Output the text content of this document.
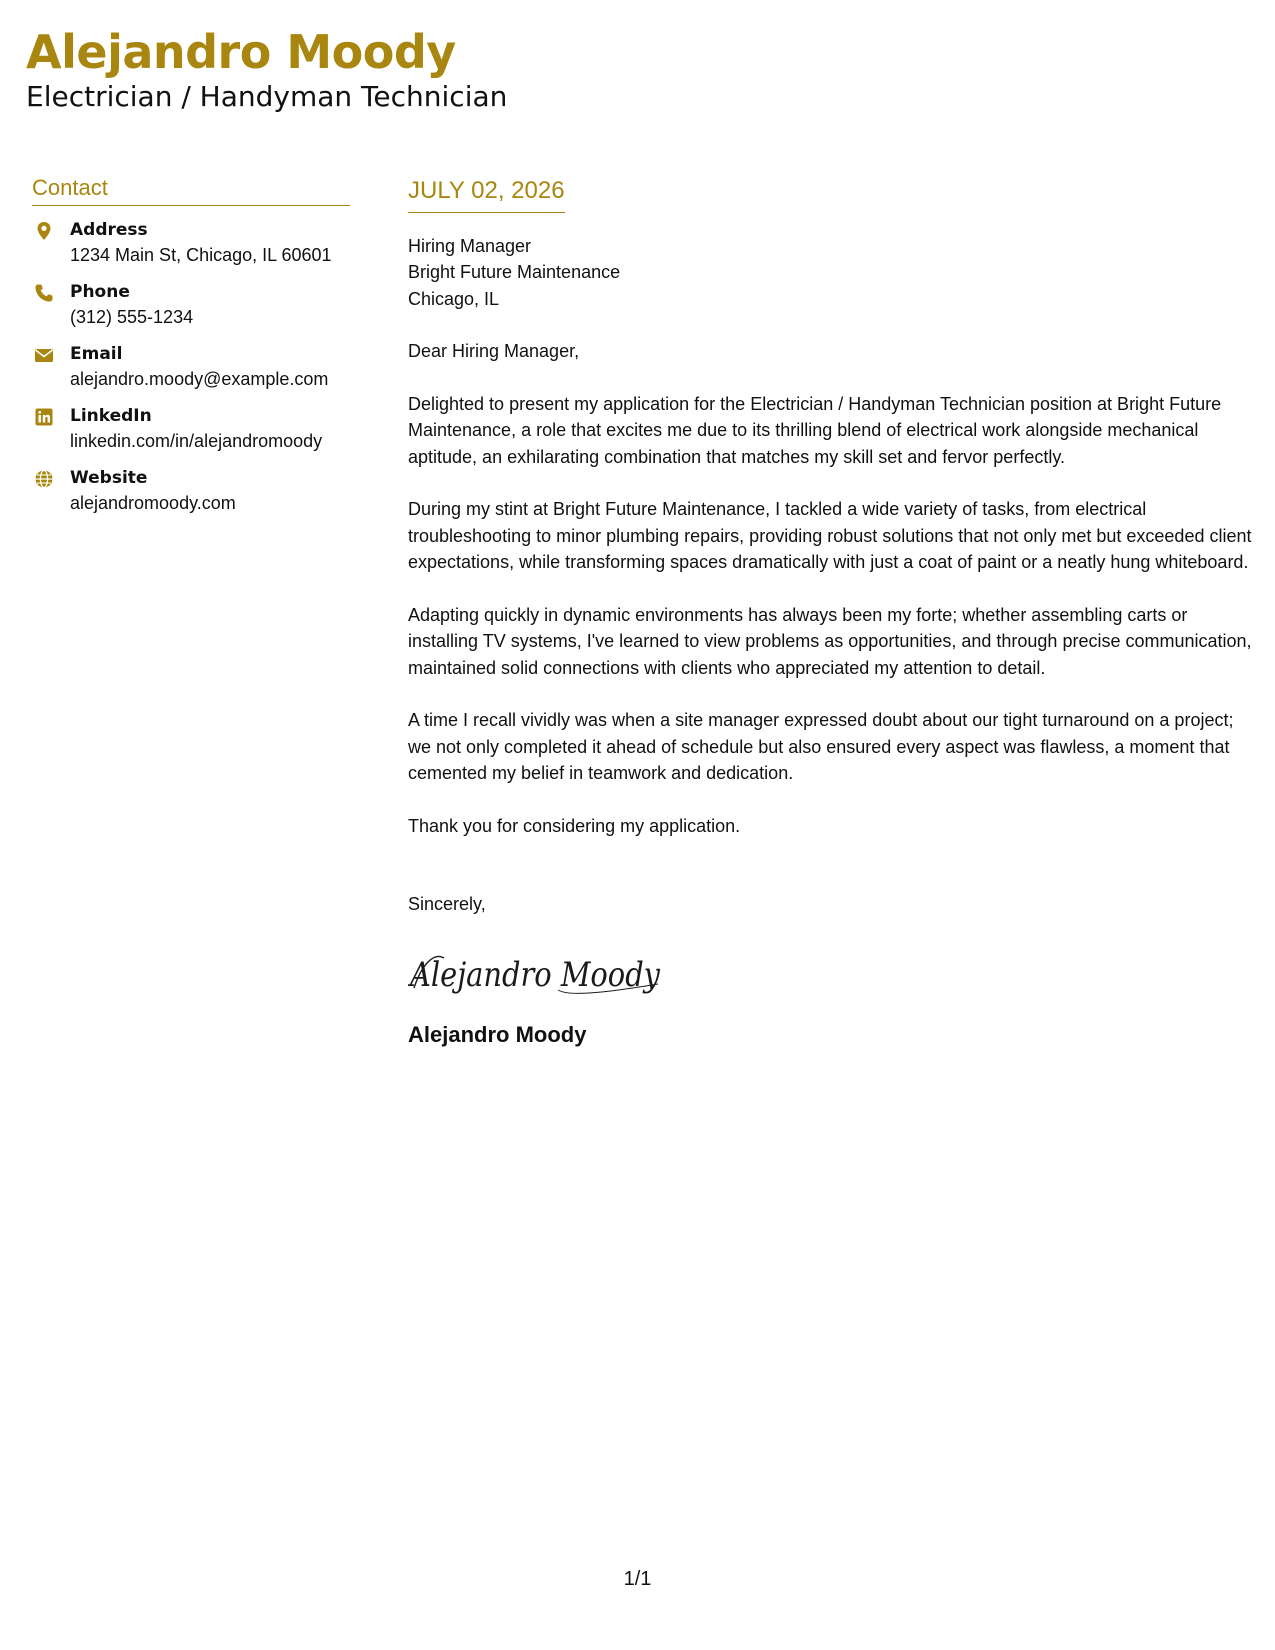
Alejandro Moody
Electrician / Handyman Technician
Contact
Address
1234 Main St, Chicago, IL 60601
Phone
(312) 555-1234
Email
alejandro.moody@example.com
LinkedIn
linkedin.com/in/alejandromoody
Website
alejandromoody.com
JULY 02, 2026
Hiring Manager
Bright Future Maintenance
Chicago, IL
Dear Hiring Manager,
Delighted to present my application for the Electrician / Handyman Technician position at Bright Future Maintenance, a role that excites me due to its thrilling blend of electrical work alongside mechanical aptitude, an exhilarating combination that matches my skill set and fervor perfectly.
During my stint at Bright Future Maintenance, I tackled a wide variety of tasks, from electrical troubleshooting to minor plumbing repairs, providing robust solutions that not only met but exceeded client expectations, while transforming spaces dramatically with just a coat of paint or a neatly hung whiteboard.
Adapting quickly in dynamic environments has always been my forte; whether assembling carts or installing TV systems, I've learned to view problems as opportunities, and through precise communication, maintained solid connections with clients who appreciated my attention to detail.
A time I recall vividly was when a site manager expressed doubt about our tight turnaround on a project; we not only completed it ahead of schedule but also ensured every aspect was flawless, a moment that cemented my belief in teamwork and dedication.
Thank you for considering my application.
Sincerely,
Alejandro Moody
Alejandro Moody
1/1
